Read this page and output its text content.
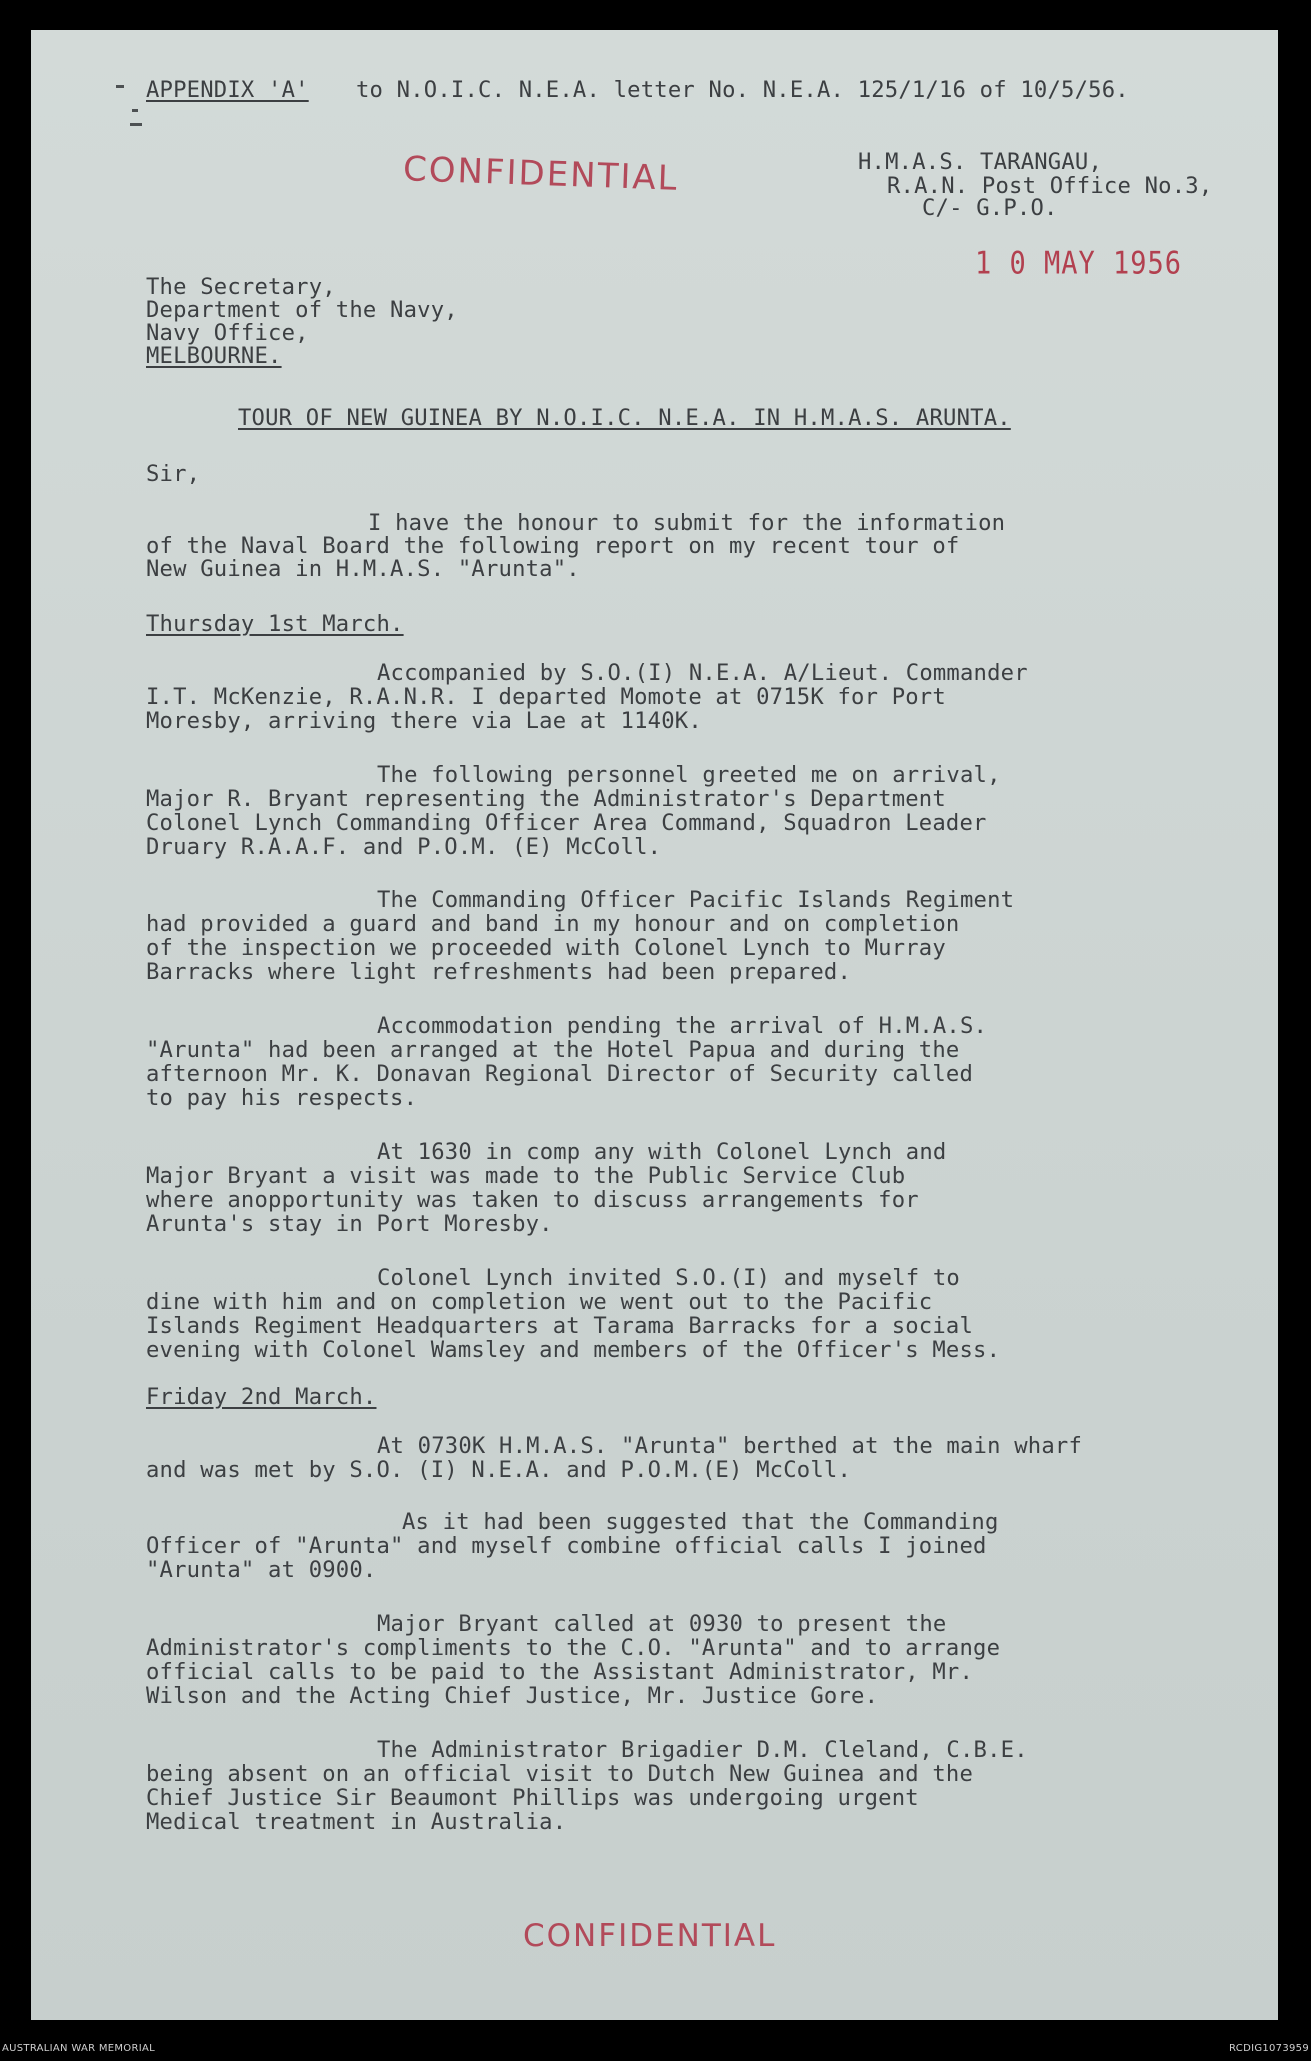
APPENDIX 'A' to N.O.I.C. N.E.A. letter No. N.E.A. 125/1/16 of 10/5/56.
CONFIDENTIAL	H.M.A.S. TARANGAU,
R.A.N. Post Office No.3,
C/- G.P.O.
1 0 MAY 1956
The Secretary,
Department of the Navy,
Navy Office,
MELBOURNE.
TOUR OF NEW GUINEA BY N.O.I.C. N.E.A. IN H.M.A.S. ARUNTA.
Sir,
I have the honour to submit for the information
of the Naval Board the following report on my recent tour of
New Guinea in H.M.A.S. "Arunta".
Thursday 1st March.
Accompanied by S.O.(I) N.E.A. A/Lieut. Commander
I.T. McKenzie, R.A.N.R. I departed Momote at 0715K for Port
Moresby, arriving there via Lae at 1140K.
The following personnel greeted me on arrival,
Major R. Bryant representing the Administrator's Department
Colonel Lynch Commanding Officer Area Command, Squadron Leader
Druary R.A.A.F. and P.O.M. (E) McColl.
The Commanding Officer Pacific Islands Regiment
had provided a guard and band in my honour and on completion
of the inspection we proceeded with Colonel Lynch to Murray
Barracks where light refreshments had been prepared.
Accommodation pending the arrival of H.M.A.S.
"Arunta" had been arranged at the Hotel Papua and during the
afternoon Mr. K. Donavan Regional Director of Security called
to pay his respects.
At 1630 in comp any with Colonel Lynch and
Major Bryant a visit was made to the Public Service Club
where anopportunity was taken to discuss arrangements for
Arunta's stay in Port Moresby.
Colonel Lynch invited S.O.(I) and myself to
dine with him and on completion we went out to the Pacific
Islands Regiment Headquarters at Tarama Barracks for a social
evening with Colonel Wamsley and members of the Officer's Mess.
Friday 2nd March.
At 0730K H.M.A.S. "Arunta" berthed at the main wharf
and was met by S.O. (I) N.E.A. and P.O.M.(E) McColl.
As it had been suggested that the Commanding
Officer of "Arunta" and myself combine official calls I joined
"Arunta" at 0900.
Major Bryant called at 0930 to present the
Administrator's compliments to the C.O. "Arunta" and to arrange
official calls to be paid to the Assistant Administrator, Mr.
Wilson and the Acting Chief Justice, Mr. Justice Gore.
The Administrator Brigadier D.M. Cleland, C.B.E.
being absent on an official visit to Dutch New Guinea and the
Chief Justice Sir Beaumont Phillips was undergoing urgent
Medical treatment in Australia.
CONFIDENTIAL
AUSTRALIAN WAR MEMORIAL	RCDIG1073959
